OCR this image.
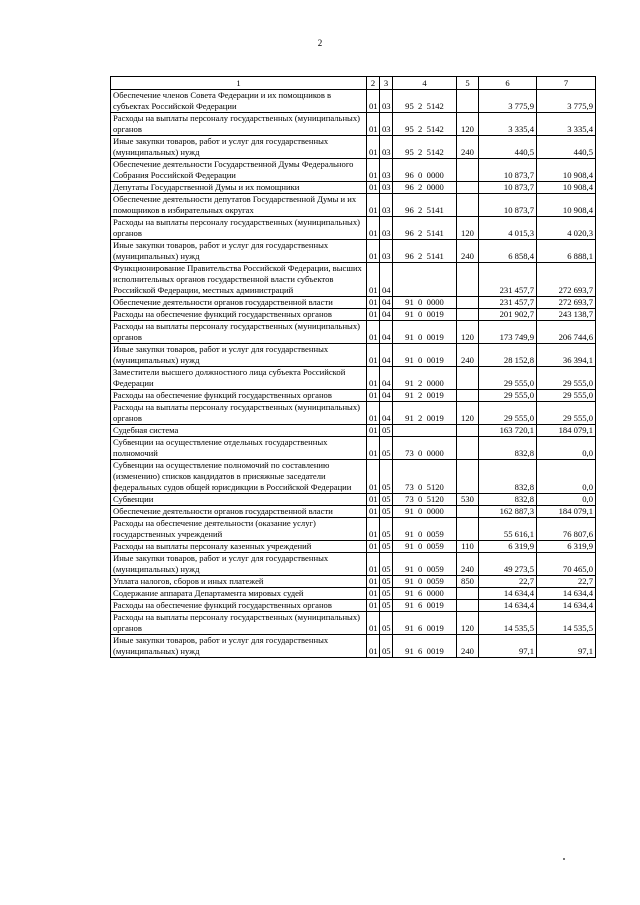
2
1	2	3	4	5	6	7
Обеспечение членов Совета Федерации и их помощников в субъектах Российской Федерации	01	03	95  2  5142		3 775,9	3 775,9
Расходы на выплаты персоналу государственных (муниципальных) органов	01	03	95  2  5142	120	3 335,4	3 335,4
Иные закупки товаров, работ и услуг для государственных (муниципальных) нужд	01	03	95  2  5142	240	440,5	440,5
Обеспечение деятельности Государственной Думы Федерального Собрания Российской Федерации	01	03	96  0  0000		10 873,7	10 908,4
Депутаты Государственной Думы и их помощники	01	03	96  2  0000		10 873,7	10 908,4
Обеспечение деятельности депутатов Государственной Думы и их помощников в избирательных округах	01	03	96  2  5141		10 873,7	10 908,4
Расходы на выплаты персоналу государственных (муниципальных) органов	01	03	96  2  5141	120	4 015,3	4 020,3
Иные закупки товаров, работ и услуг для государственных (муниципальных) нужд	01	03	96  2  5141	240	6 858,4	6 888,1
Функционирование Правительства Российской Федерации, высших исполнительных органов государственной власти субъектов Российской Федерации, местных администраций	01	04			231 457,7	272 693,7
Обеспечение деятельности органов государственной власти	01	04	91  0  0000		231 457,7	272 693,7
Расходы на обеспечение функций государственных органов	01	04	91  0  0019		201 902,7	243 138,7
Расходы на выплаты персоналу государственных (муниципальных) органов	01	04	91  0  0019	120	173 749,9	206 744,6
Иные закупки товаров, работ и услуг для государственных (муниципальных) нужд	01	04	91  0  0019	240	28 152,8	36 394,1
Заместители высшего должностного лица субъекта Российской Федерации	01	04	91  2  0000		29 555,0	29 555,0
Расходы на обеспечение функций государственных органов	01	04	91  2  0019		29 555,0	29 555,0
Расходы на выплаты персоналу государственных (муниципальных) органов	01	04	91  2  0019	120	29 555,0	29 555,0
Судебная система	01	05			163 720,1	184 079,1
Субвенции на осуществление отдельных государственных полномочий	01	05	73  0  0000		832,8	0,0
Субвенции на осуществление полномочий по составлению (изменению) списков кандидатов в присяжные заседатели федеральных судов общей юрисдикции в Российской Федерации	01	05	73  0  5120		832,8	0,0
Субвенции	01	05	73  0  5120	530	832,8	0,0
Обеспечение деятельности органов государственной власти	01	05	91  0  0000		162 887,3	184 079,1
Расходы на обеспечение деятельности (оказание услуг) государственных учреждений	01	05	91  0  0059		55 616,1	76 807,6
Расходы на выплаты персоналу казенных учреждений	01	05	91  0  0059	110	6 319,9	6 319,9
Иные закупки товаров, работ и услуг для государственных (муниципальных) нужд	01	05	91  0  0059	240	49 273,5	70 465,0
Уплата налогов, сборов и иных платежей	01	05	91  0  0059	850	22,7	22,7
Содержание аппарата Департамента мировых судей	01	05	91  6  0000		14 634,4	14 634,4
Расходы на обеспечение функций государственных органов	01	05	91  6  0019		14 634,4	14 634,4
Расходы на выплаты персоналу государственных (муниципальных) органов	01	05	91  6  0019	120	14 535,5	14 535,5
Иные закупки товаров, работ и услуг для государственных (муниципальных) нужд	01	05	91  6  0019	240	97,1	97,1
